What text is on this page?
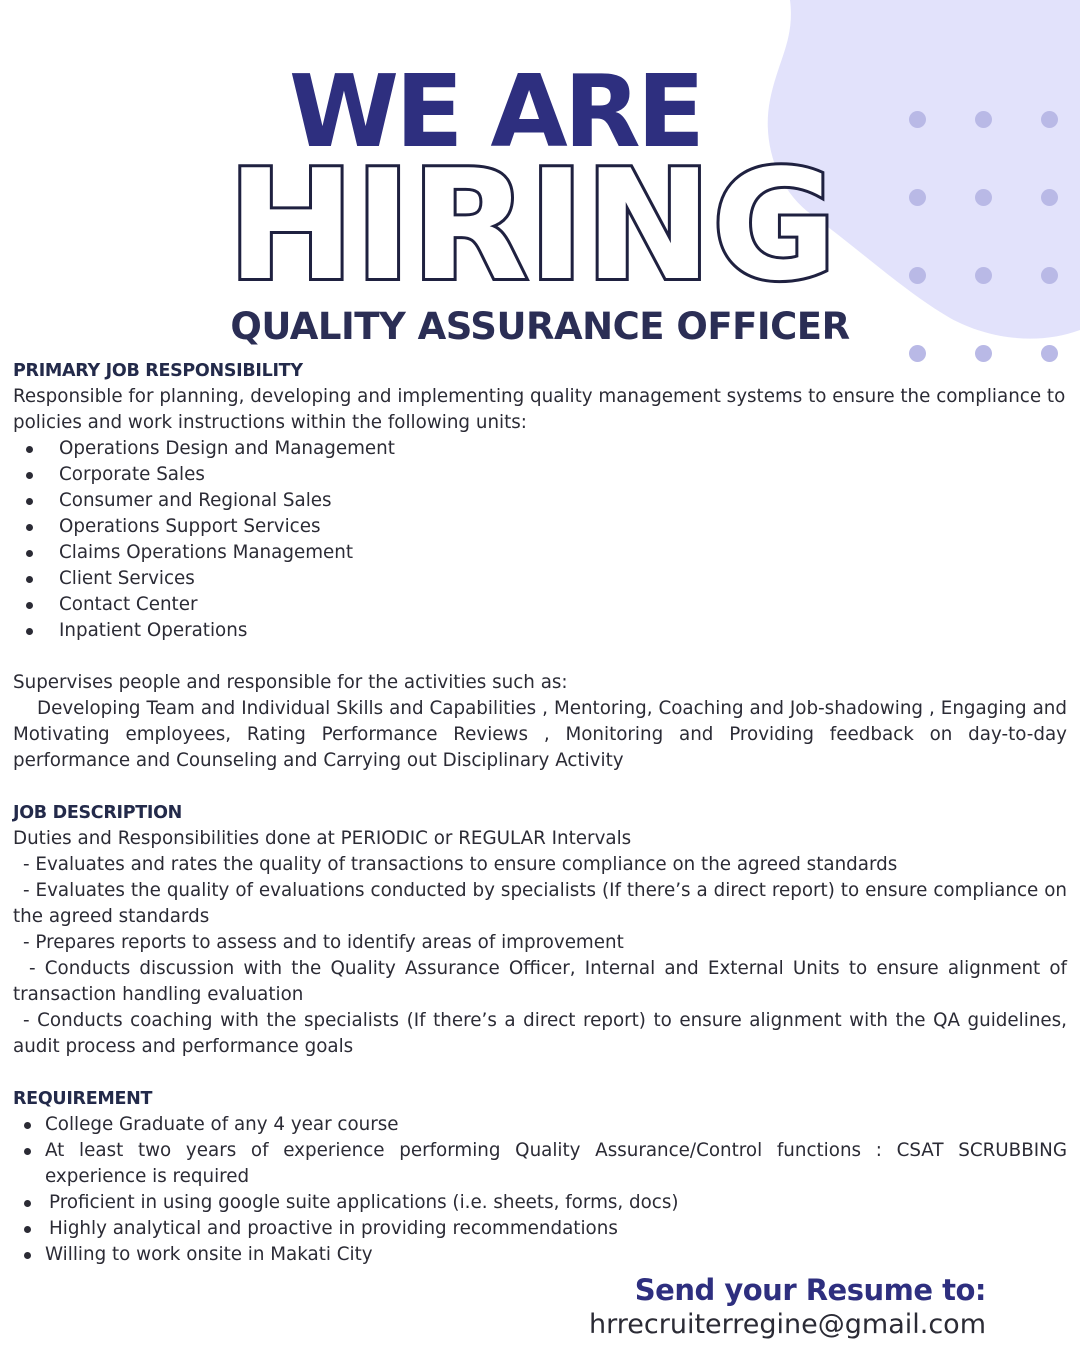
WE ARE
HIRING
QUALITY ASSURANCE OFFICER

PRIMARY JOB RESPONSIBILITY

Responsible for planning, developing and implementing quality management systems to ensure the compliance to policies and work instructions within the following units:

Operations Design and Management
Corporate Sales
Consumer and Regional Sales
Operations Support Services
Claims Operations Management
Client Services
Contact Center
Inpatient Operations

Supervises people and responsible for the activities such as:

Developing Team and Individual Skills and Capabilities , Mentoring, Coaching and Job-shadowing , Engaging and Motivating employees, Rating Performance Reviews , Monitoring and Providing feedback on day-to-day performance and Counseling and Carrying out Disciplinary Activity

JOB DESCRIPTION

Duties and Responsibilities done at PERIODIC or REGULAR Intervals

- Evaluates and rates the quality of transactions to ensure compliance on the agreed standards

- Evaluates the quality of evaluations conducted by specialists (If there’s a direct report) to ensure compliance on the agreed standards

- Prepares reports to assess and to identify areas of improvement

- Conducts discussion with the Quality Assurance Officer, Internal and External Units to ensure alignment of transaction handling evaluation

- Conducts coaching with the specialists (If there’s a direct report) to ensure alignment with the QA guidelines, audit process and performance goals

REQUIREMENT

College Graduate of any 4 year course
At least two years of experience performing Quality Assurance/Control functions : CSAT SCRUBBING experience is required
Proficient in using google suite applications (i.e. sheets, forms, docs)
Highly analytical and proactive in providing recommendations
Willing to work onsite in Makati City
Send your Resume to:
hrrecruiterregine@gmail.com
